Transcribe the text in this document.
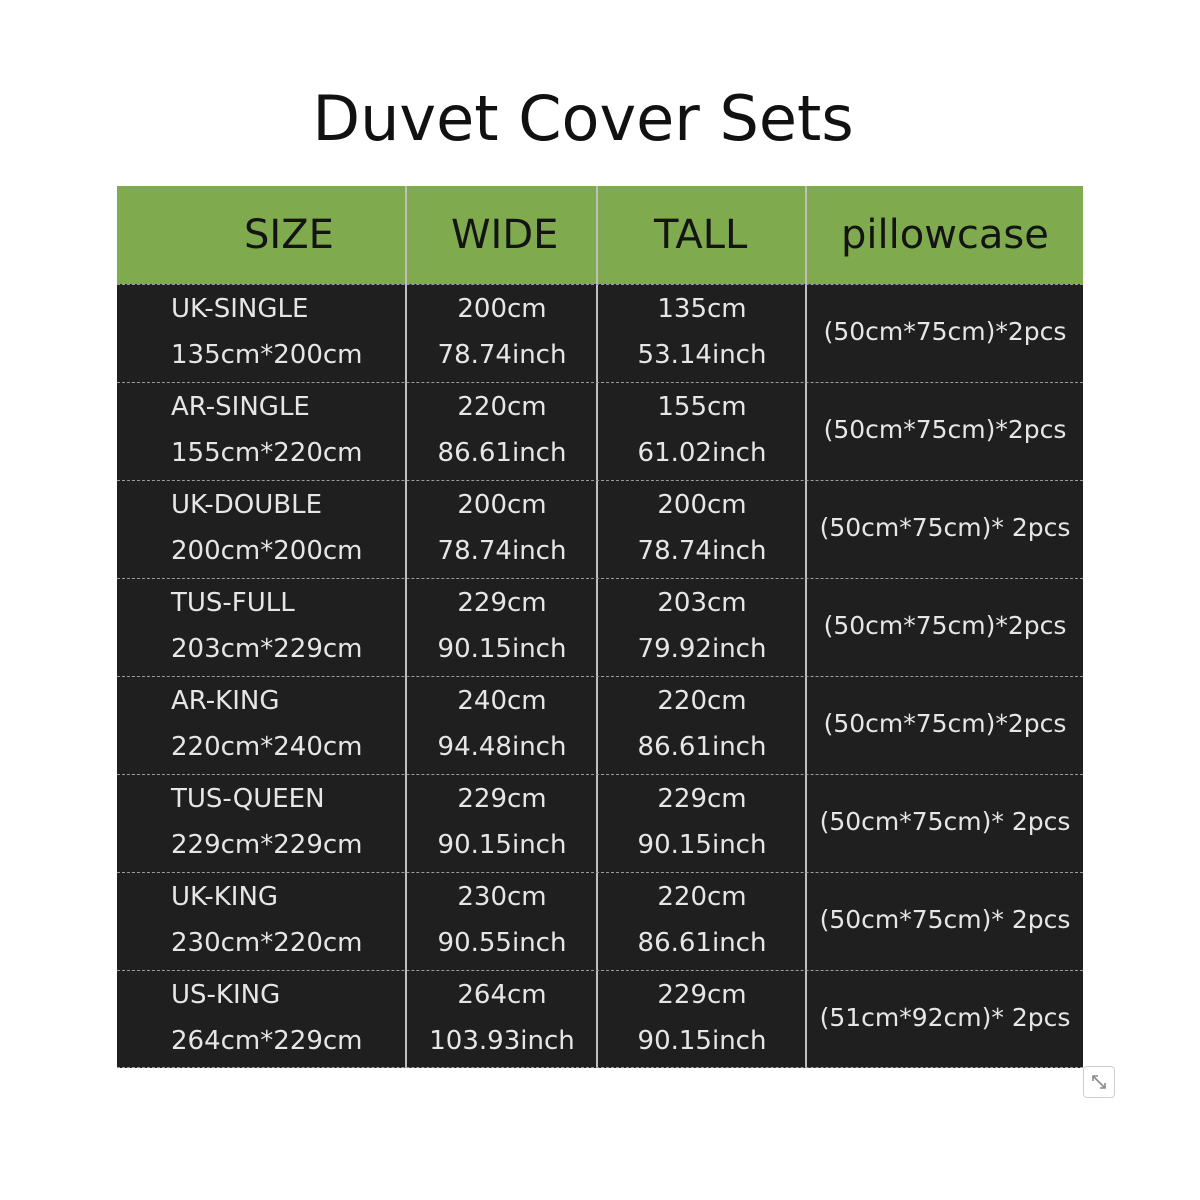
Duvet Cover Sets
SIZE	WIDE TALL pillowcase
UK-SINGLE
135cm*200cm
200cm
78.74inch
135cm
53.14inch
(50cm*75cm)*2pcs
AR-SINGLE
155cm*220cm
220cm
86.61inch
155cm
61.02inch
(50cm*75cm)*2pcs
UK-DOUBLE
200cm*200cm
200cm
78.74inch
200cm
78.74inch
(50cm*75cm)* 2pcs
TUS-FULL
203cm*229cm
229cm
90.15inch
203cm
79.92inch
(50cm*75cm)*2pcs
AR-KING
220cm*240cm
240cm
94.48inch
220cm
86.61inch
(50cm*75cm)*2pcs
TUS-QUEEN
229cm*229cm
229cm
90.15inch
229cm
90.15inch
(50cm*75cm)* 2pcs
UK-KING
230cm*220cm
230cm
90.55inch
220cm
86.61inch
(50cm*75cm)* 2pcs
US-KING
264cm*229cm
264cm
103.93inch
229cm
90.15inch
(51cm*92cm)* 2pcs
